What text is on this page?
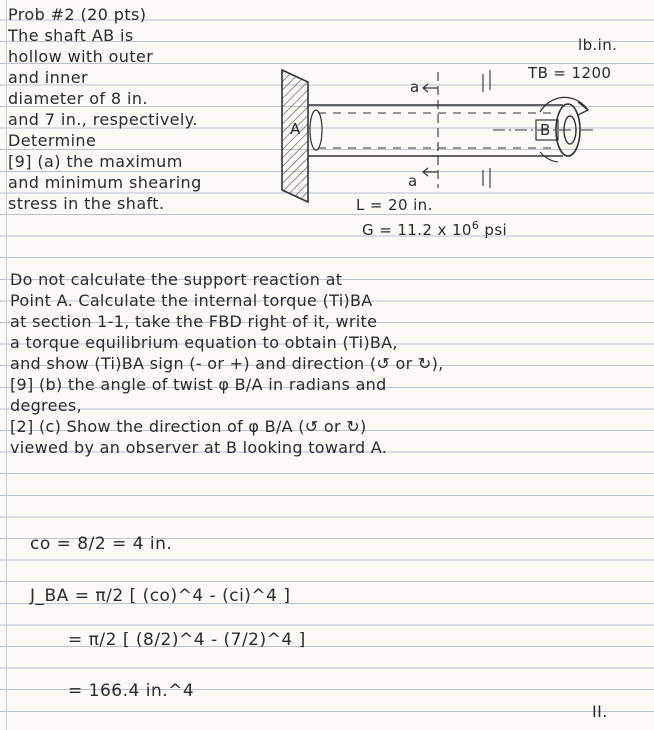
Prob #2 (20 pts)
The shaft AB is
hollow with outer
and inner
diameter of 8 in.
and 7 in., respectively.
Determine
[9] (a) the maximum
and minimum shearing
stress in the shaft.
A	B
a
a
lb.in.
TB = 1200
L = 20 in.
G = 11.2 x $10^6$ psi
Do not calculate the support reaction at
Point A. Calculate the internal torque (Ti)BA
at section 1-1, take the FBD right of it, write
a torque equilibrium equation to obtain (Ti)BA,
and show (Ti)BA sign (- or +) and direction (↺ or ↻),
[9] (b) the angle of twist φ B/A in radians and
degrees,
[2] (c) Show the direction of φ B/A (↺ or ↻)
viewed by an observer at B looking toward A.
co = 8/2 = 4 in.
J_BA = π/2 [ (co)^4 - (ci)^4 ]
= π/2 [ (8/2)^4 - (7/2)^4 ]
= 166.4 in.^4
II.
